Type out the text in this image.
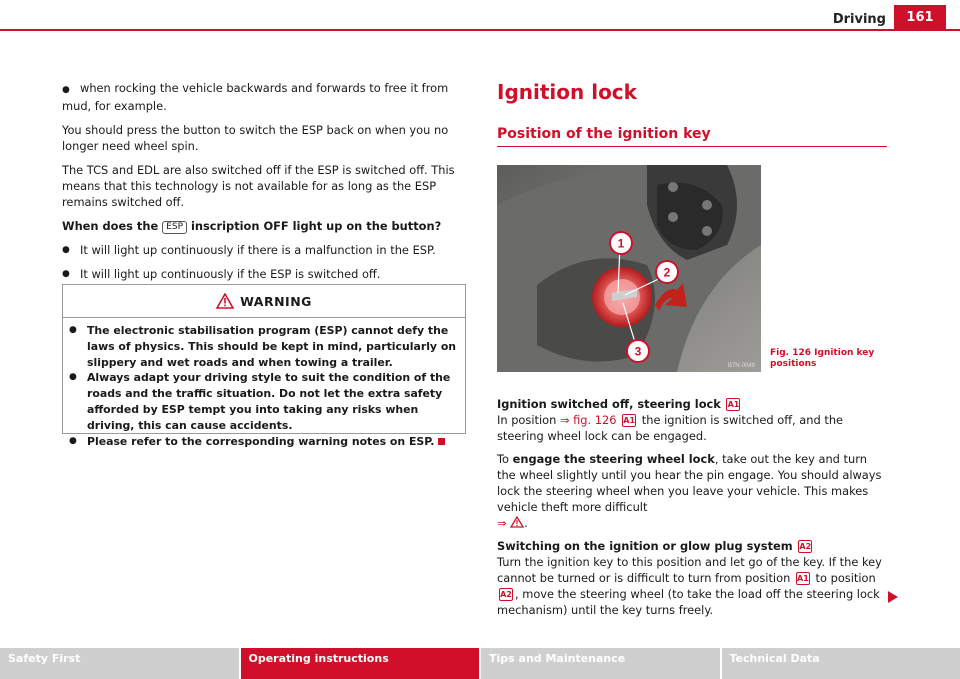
Driving	161
● when rocking the vehicle backwards and forwards to free it from mud, for example.

You should press the button to switch the ESP back on when you no longer need wheel spin.

The TCS and EDL are also switched off if the ESP is switched off. This means that this technology is not available for as long as the ESP remains switched off.

When does the ESP inscription OFF light up on the button?

● It will light up continuously if there is a malfunction in the ESP.
● It will light up continuously if the ESP is switched off.
WARNING
● The electronic stabilisation program (ESP) cannot defy the laws of physics. This should be kept in mind, particularly on slippery and wet roads and when towing a trailer.
● Always adapt your driving style to suit the condition of the roads and the traffic situation. Do not let the extra safety afforded by ESP tempt you into taking any risks when driving, this can cause accidents.
● Please refer to the corresponding warning notes on ESP.
Ignition lock
Position of the ignition key
1
2
3
B7N-0049
Fig. 126 Ignition key positions

Ignition switched off, steering lock A1

In position ⇒ fig. 126 A1 the ignition is switched off, and the steering wheel lock can be engaged.

To engage the steering wheel lock, take out the key and turn the wheel slightly until you hear the pin engage. You should always lock the steering wheel when you leave your vehicle. This makes vehicle theft more difficult
⇒ .

Switching on the ignition or glow plug system A2

Turn the ignition key to this position and let go of the key. If the key cannot be turned or is difficult to turn from position A1 to position A2 , move the steering wheel (to take the load off the steering lock mechanism) until the key turns freely.

Safety First	Operating instructions	Tips and Maintenance	Technical Data
